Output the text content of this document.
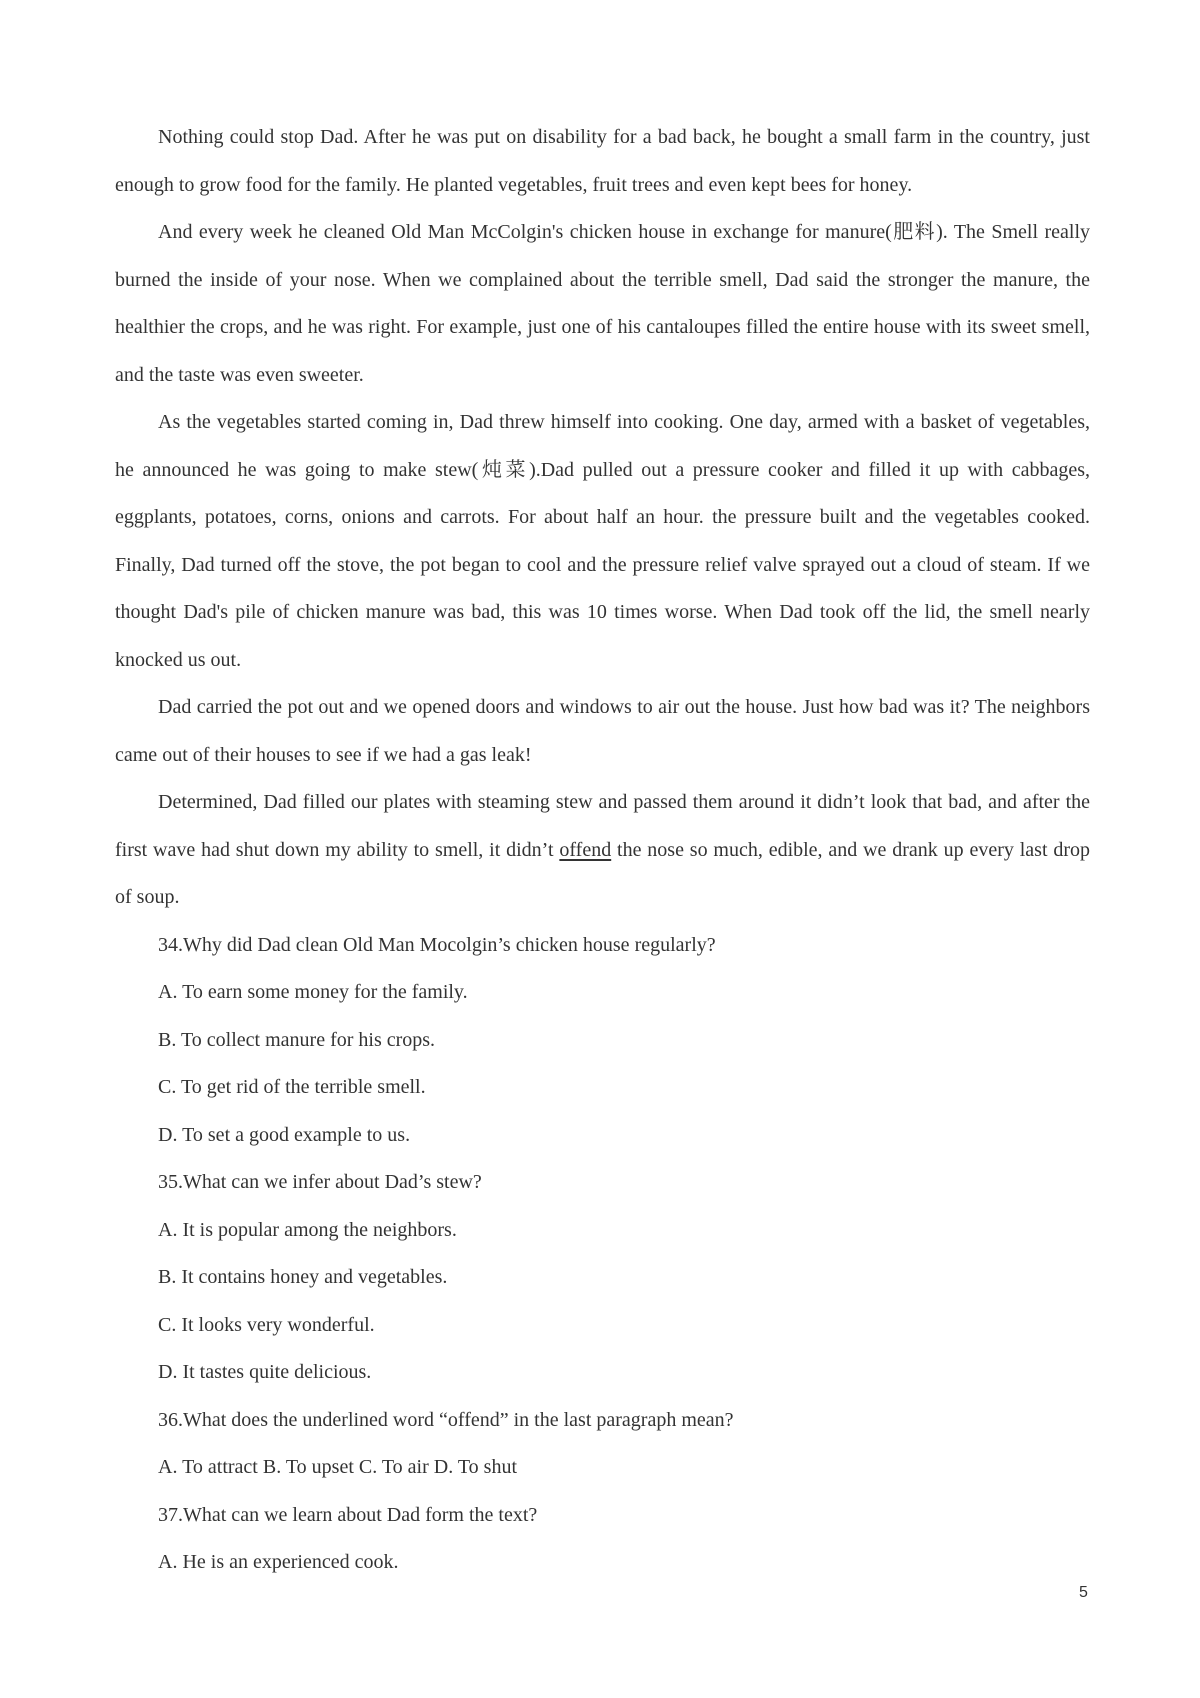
Nothing could stop Dad. After he was put on disability for a bad back, he bought a small farm in the country, just enough to grow food for the family. He planted vegetables, fruit trees and even kept bees for honey.

And every week he cleaned Old Man McColgin's chicken house in exchange for manure(肥料). The Smell really burned the inside of your nose. When we complained about the terrible smell, Dad said the stronger the manure, the healthier the crops, and he was right. For example, just one of his cantaloupes filled the entire house with its sweet smell, and the taste was even sweeter.

As the vegetables started coming in, Dad threw himself into cooking. One day, armed with a basket of vegetables, he announced he was going to make stew(炖菜).Dad pulled out a pressure cooker and filled it up with cabbages, eggplants, potatoes, corns, onions and carrots. For about half an hour. the pressure built and the vegetables cooked. Finally, Dad turned off the stove, the pot began to cool and the pressure relief valve sprayed out a cloud of steam. If we thought Dad's pile of chicken manure was bad, this was 10 times worse. When Dad took off the lid, the smell nearly knocked us out.

Dad carried the pot out and we opened doors and windows to air out the house. Just how bad was it? The neighbors came out of their houses to see if we had a gas leak!

Determined, Dad filled our plates with steaming stew and passed them around it didn’t look that bad, and after the first wave had shut down my ability to smell, it didn’t offend the nose so much, edible, and we drank up every last drop of soup.

34.Why did Dad clean Old Man Mocolgin’s chicken house regularly?

A. To earn some money for the family.

B. To collect manure for his crops.

C. To get rid of the terrible smell.

D. To set a good example to us.

35.What can we infer about Dad’s stew?

A. It is popular among the neighbors.

B. It contains honey and vegetables.

C. It looks very wonderful.

D. It tastes quite delicious.

36.What does the underlined word “offend” in the last paragraph mean?

A. To attract B. To upset C. To air D. To shut

37.What can we learn about Dad form the text?

A. He is an experienced cook.

5
